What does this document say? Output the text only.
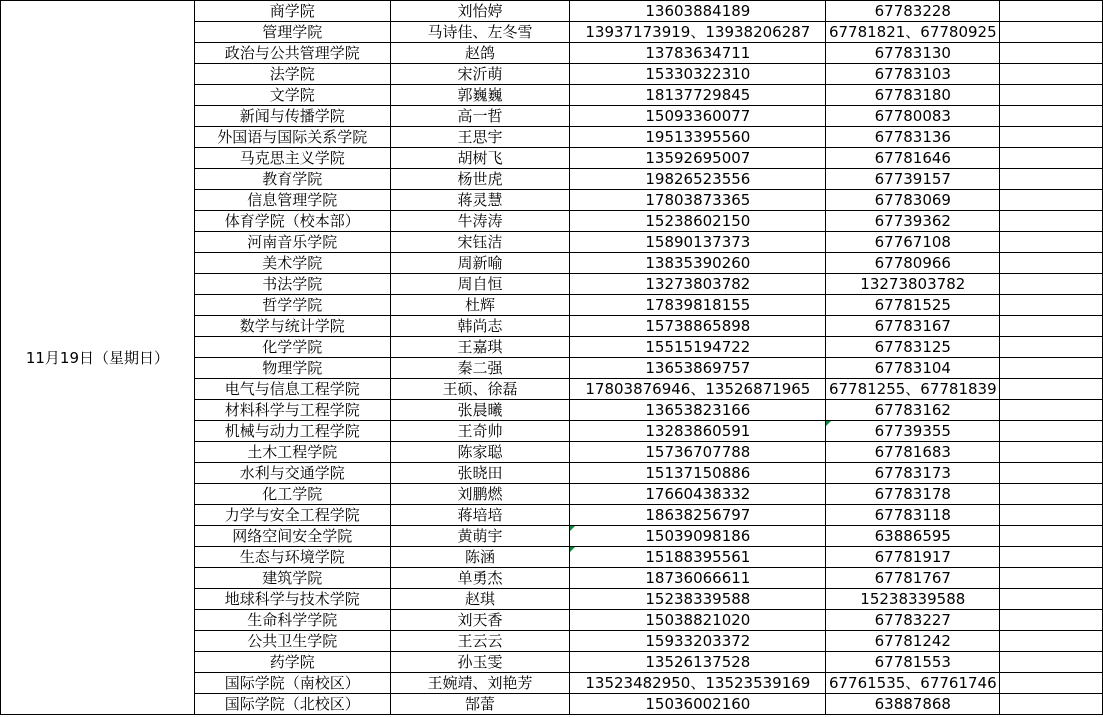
11月19日（星期日）	商学院	刘怡婷	13603884189	67783228	
	管理学院	马诗佳、左冬雪	13937173919、13938206287	67781821、67780925	
	政治与公共管理学院	赵鸽	13783634711	67783130	
	法学院	宋沂萌	15330322310	67783103	
	文学院	郭巍巍	18137729845	67783180	
	新闻与传播学院	高一哲	15093360077	67780083	
	外国语与国际关系学院	王思宇	19513395560	67783136	
	马克思主义学院	胡树飞	13592695007	67781646	
	教育学院	杨世虎	19826523556	67739157	
	信息管理学院	蒋灵慧	17803873365	67783069	
	体育学院（校本部）	牛涛涛	15238602150	67739362	
	河南音乐学院	宋钰洁	15890137373	67767108	
	美术学院	周新喻	13835390260	67780966	
	书法学院	周自恒	13273803782	13273803782	
	哲学学院	杜辉	17839818155	67781525	
	数学与统计学院	韩尚志	15738865898	67783167	
	化学学院	王嘉琪	15515194722	67783125	
	物理学院	秦二强	13653869757	67783104	
	电气与信息工程学院	王硕、徐磊	17803876946、13526871965	67781255、67781839	
	材料科学与工程学院	张晨曦	13653823166	67783162	
	机械与动力工程学院	王奇帅	13283860591	67739355	
	土木工程学院	陈家聪	15736707788	67781683	
	水利与交通学院	张晓田	15137150886	67783173	
	化工学院	刘鹏燃	17660438332	67783178	
	力学与安全工程学院	蒋培培	18638256797	67783118	
	网络空间安全学院	黄萌宇	15039098186	63886595	
	生态与环境学院	陈涵	15188395561	67781917	
	建筑学院	单勇杰	18736066611	67781767	
	地球科学与技术学院	赵琪	15238339588	15238339588	
	生命科学学院	刘天香	15038821020	67783227	
	公共卫生学院	王云云	15933203372	67781242	
	药学院	孙玉雯	13526137528	67781553	
	国际学院（南校区）	王婉靖、刘艳芳	13523482950、13523539169	67761535、67761746	
	国际学院（北校区）	郜蕾	15036002160	63887868	
